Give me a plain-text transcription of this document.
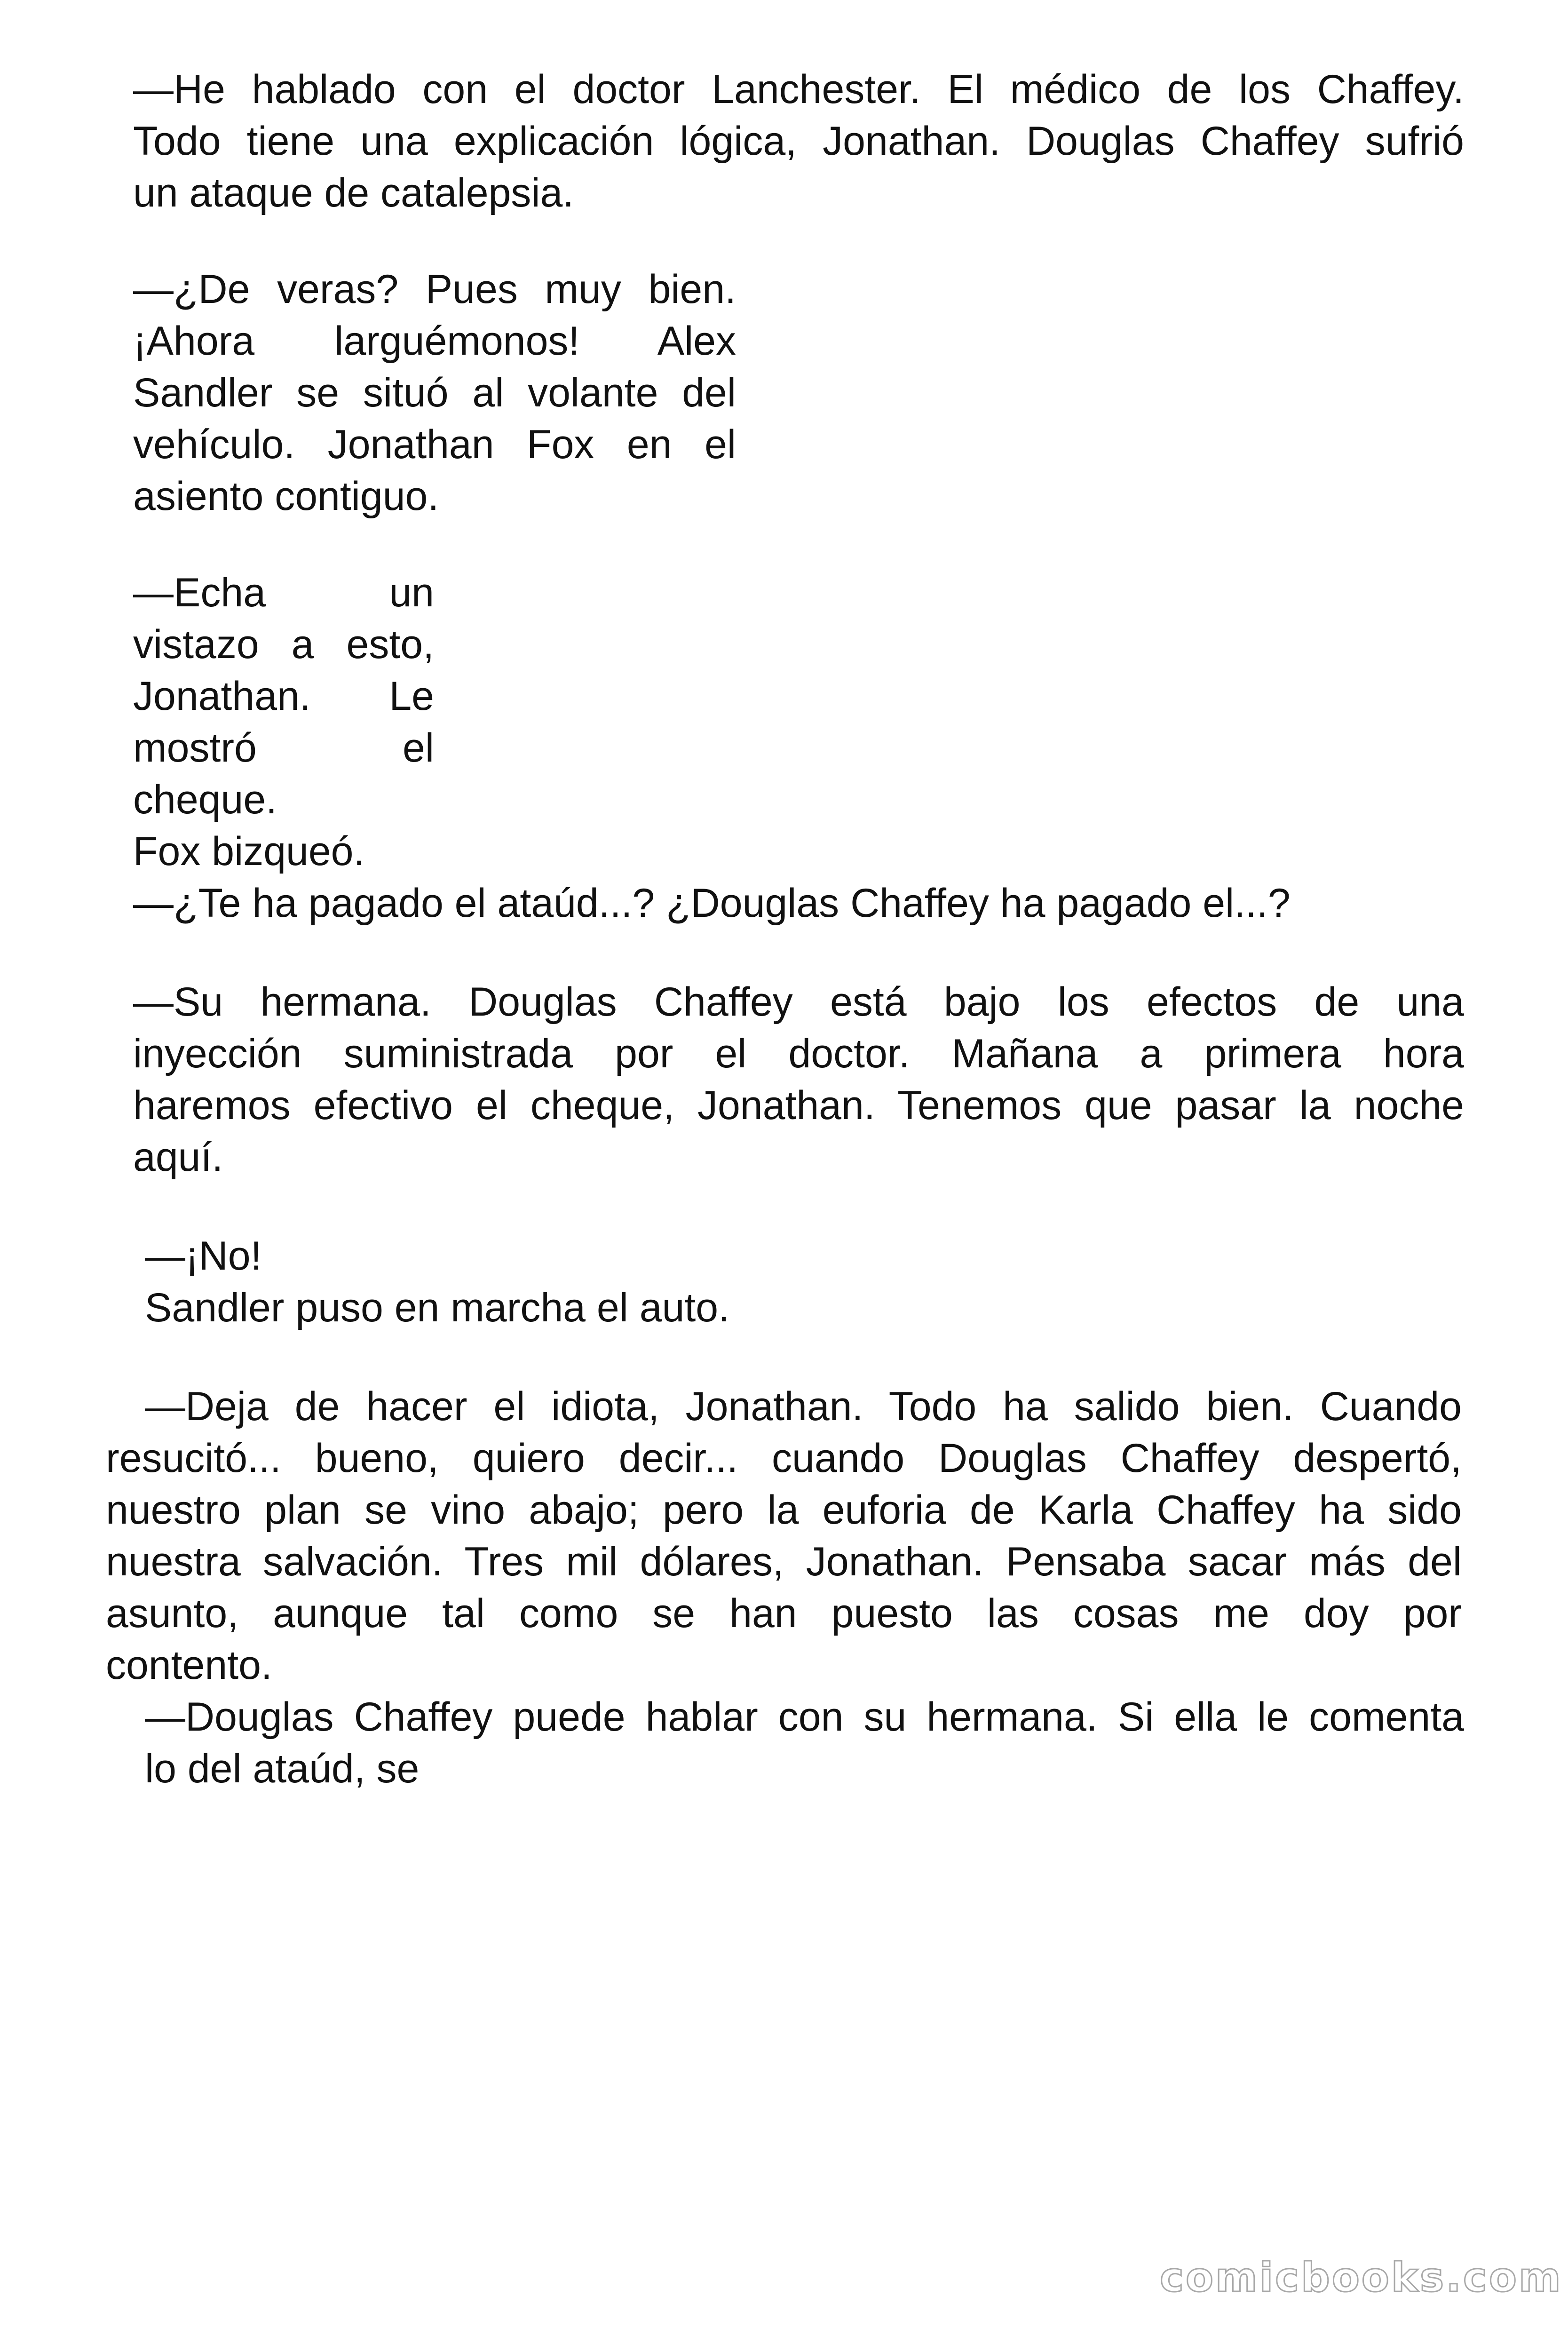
—He hablado con el doctor Lanchester. El médico de los Chaffey.

Todo tiene una explicación lógica, Jonathan. Douglas Chaffey sufrió

un ataque de catalepsia.

—¿De veras? Pues muy bien.

¡Ahora larguémonos! Alex

Sandler se situó al volante del

vehículo. Jonathan Fox en el

asiento contiguo.

—Echa un

vistazo a esto,

Jonathan. Le

mostró el

cheque.

Fox bizqueó.

—¿Te ha pagado el ataúd...? ¿Douglas Chaffey ha pagado el...?

—Su hermana. Douglas Chaffey está bajo los efectos de una

inyección suministrada por el doctor. Mañana a primera hora

haremos efectivo el cheque, Jonathan. Tenemos que pasar la noche

aquí.

—¡No!

Sandler puso en marcha el auto.

—Deja de hacer el idiota, Jonathan. Todo ha salido bien. Cuando

resucitó... bueno, quiero decir... cuando Douglas Chaffey despertó,

nuestro plan se vino abajo; pero la euforia de Karla Chaffey ha sido

nuestra salvación. Tres mil dólares, Jonathan. Pensaba sacar más del

asunto, aunque tal como se han puesto las cosas me doy por

contento.

—Douglas Chaffey puede hablar con su hermana. Si ella le comenta

lo del ataúd, se

comicbooks.com
